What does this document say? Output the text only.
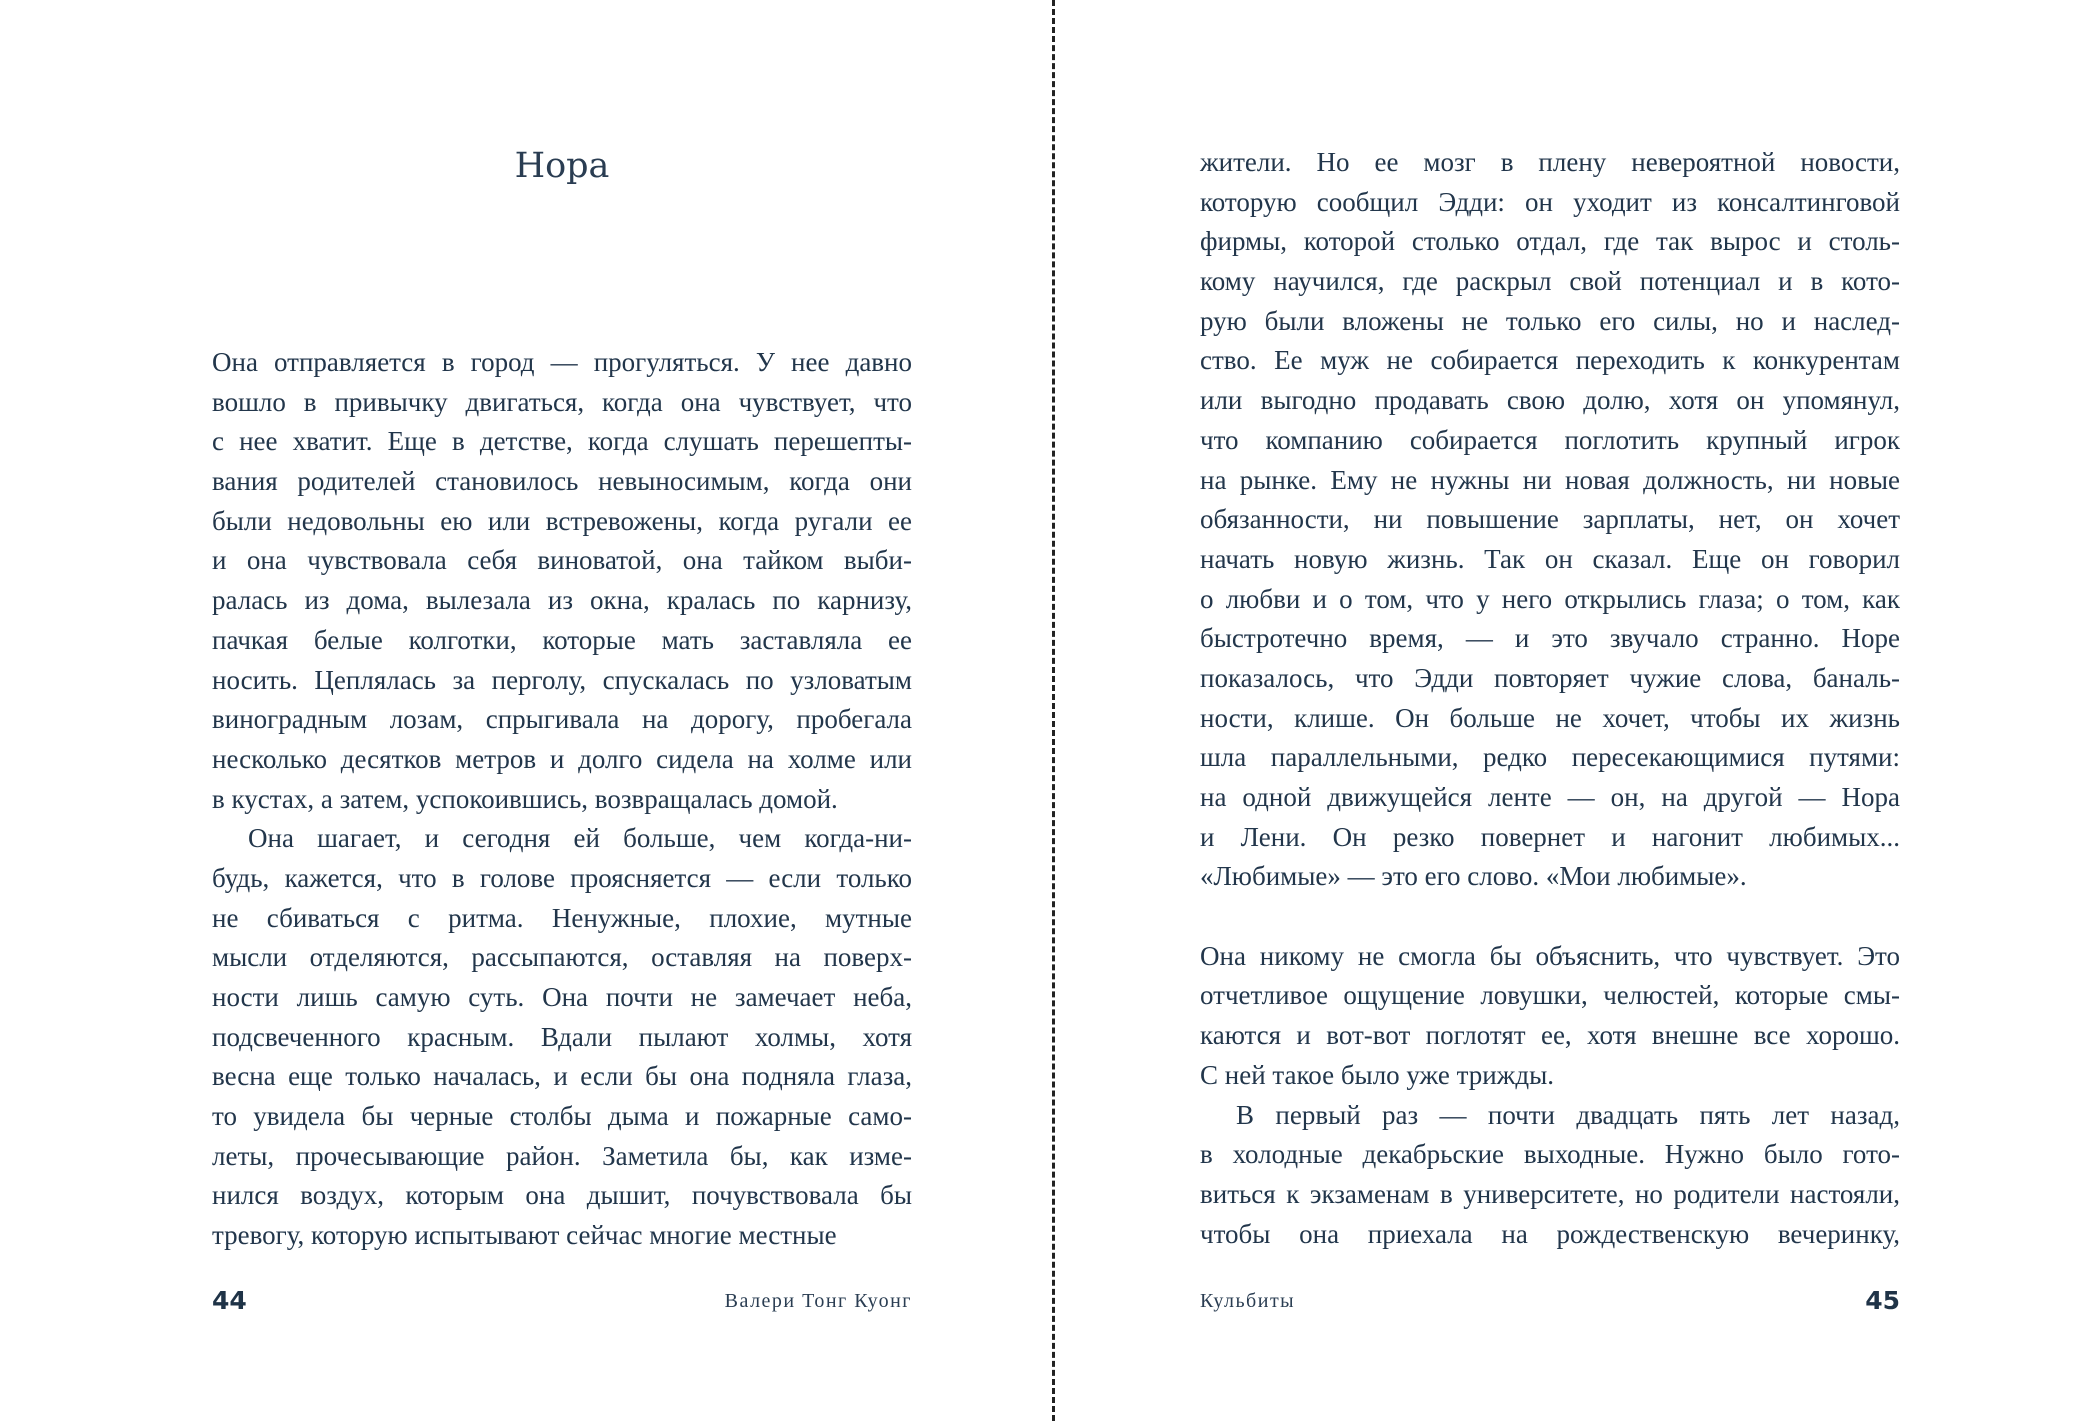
Нора
Она отправляется в город — прогуляться. У нее давно
вошло в привычку двигаться, когда она чувствует, что
с нее хватит. Еще в детстве, когда слушать перешепты-
вания родителей становилось невыносимым, когда они
были недовольны ею или встревожены, когда ругали ее
и она чувствовала себя виноватой, она тайком выби-
ралась из дома, вылезала из окна, кралась по карнизу,
пачкая белые колготки, которые мать заставляла ее
носить. Цеплялась за перголу, спускалась по узловатым
виноградным лозам, спрыгивала на дорогу, пробегала
несколько десятков метров и долго сидела на холме или
в кустах, а затем, успокоившись, возвращалась домой.
Она шагает, и сегодня ей больше, чем когда-ни-
будь, кажется, что в голове проясняется — если только
не сбиваться с ритма. Ненужные, плохие, мутные
мысли отделяются, рассыпаются, оставляя на поверх-
ности лишь самую суть. Она почти не замечает неба,
подсвеченного красным. Вдали пылают холмы, хотя
весна еще только началась, и если бы она подняла глаза,
то увидела бы черные столбы дыма и пожарные само-
леты, прочесывающие район. Заметила бы, как изме-
нился воздух, которым она дышит, почувствовала бы
тревогу, которую испытывают сейчас многие местные
44	Валери Тонг Куонг
жители. Но ее мозг в плену невероятной новости,
которую сообщил Эдди: он уходит из консалтинговой
фирмы, которой столько отдал, где так вырос и столь-
кому научился, где раскрыл свой потенциал и в кото-
рую были вложены не только его силы, но и наслед-
ство. Ее муж не собирается переходить к конкурентам
или выгодно продавать свою долю, хотя он упомянул,
что компанию собирается поглотить крупный игрок
на рынке. Ему не нужны ни новая должность, ни новые
обязанности, ни повышение зарплаты, нет, он хочет
начать новую жизнь. Так он сказал. Еще он говорил
о любви и о том, что у него открылись глаза; о том, как
быстротечно время, — и это звучало странно. Норе
показалось, что Эдди повторяет чужие слова, баналь-
ности, клише. Он больше не хочет, чтобы их жизнь
шла параллельными, редко пересекающимися путями:
на одной движущейся ленте — он, на другой — Нора
и Лени. Он резко повернет и нагонит любимых...
«Любимые» — это его слово. «Мои любимые».
Она никому не смогла бы объяснить, что чувствует. Это
отчетливое ощущение ловушки, челюстей, которые смы-
каются и вот-вот поглотят ее, хотя внешне все хорошо.
С ней такое было уже трижды.
В первый раз — почти двадцать пять лет назад,
в холодные декабрьские выходные. Нужно было гото-
виться к экзаменам в университете, но родители настояли,
чтобы она приехала на рождественскую вечеринку,
Кульбиты	45
